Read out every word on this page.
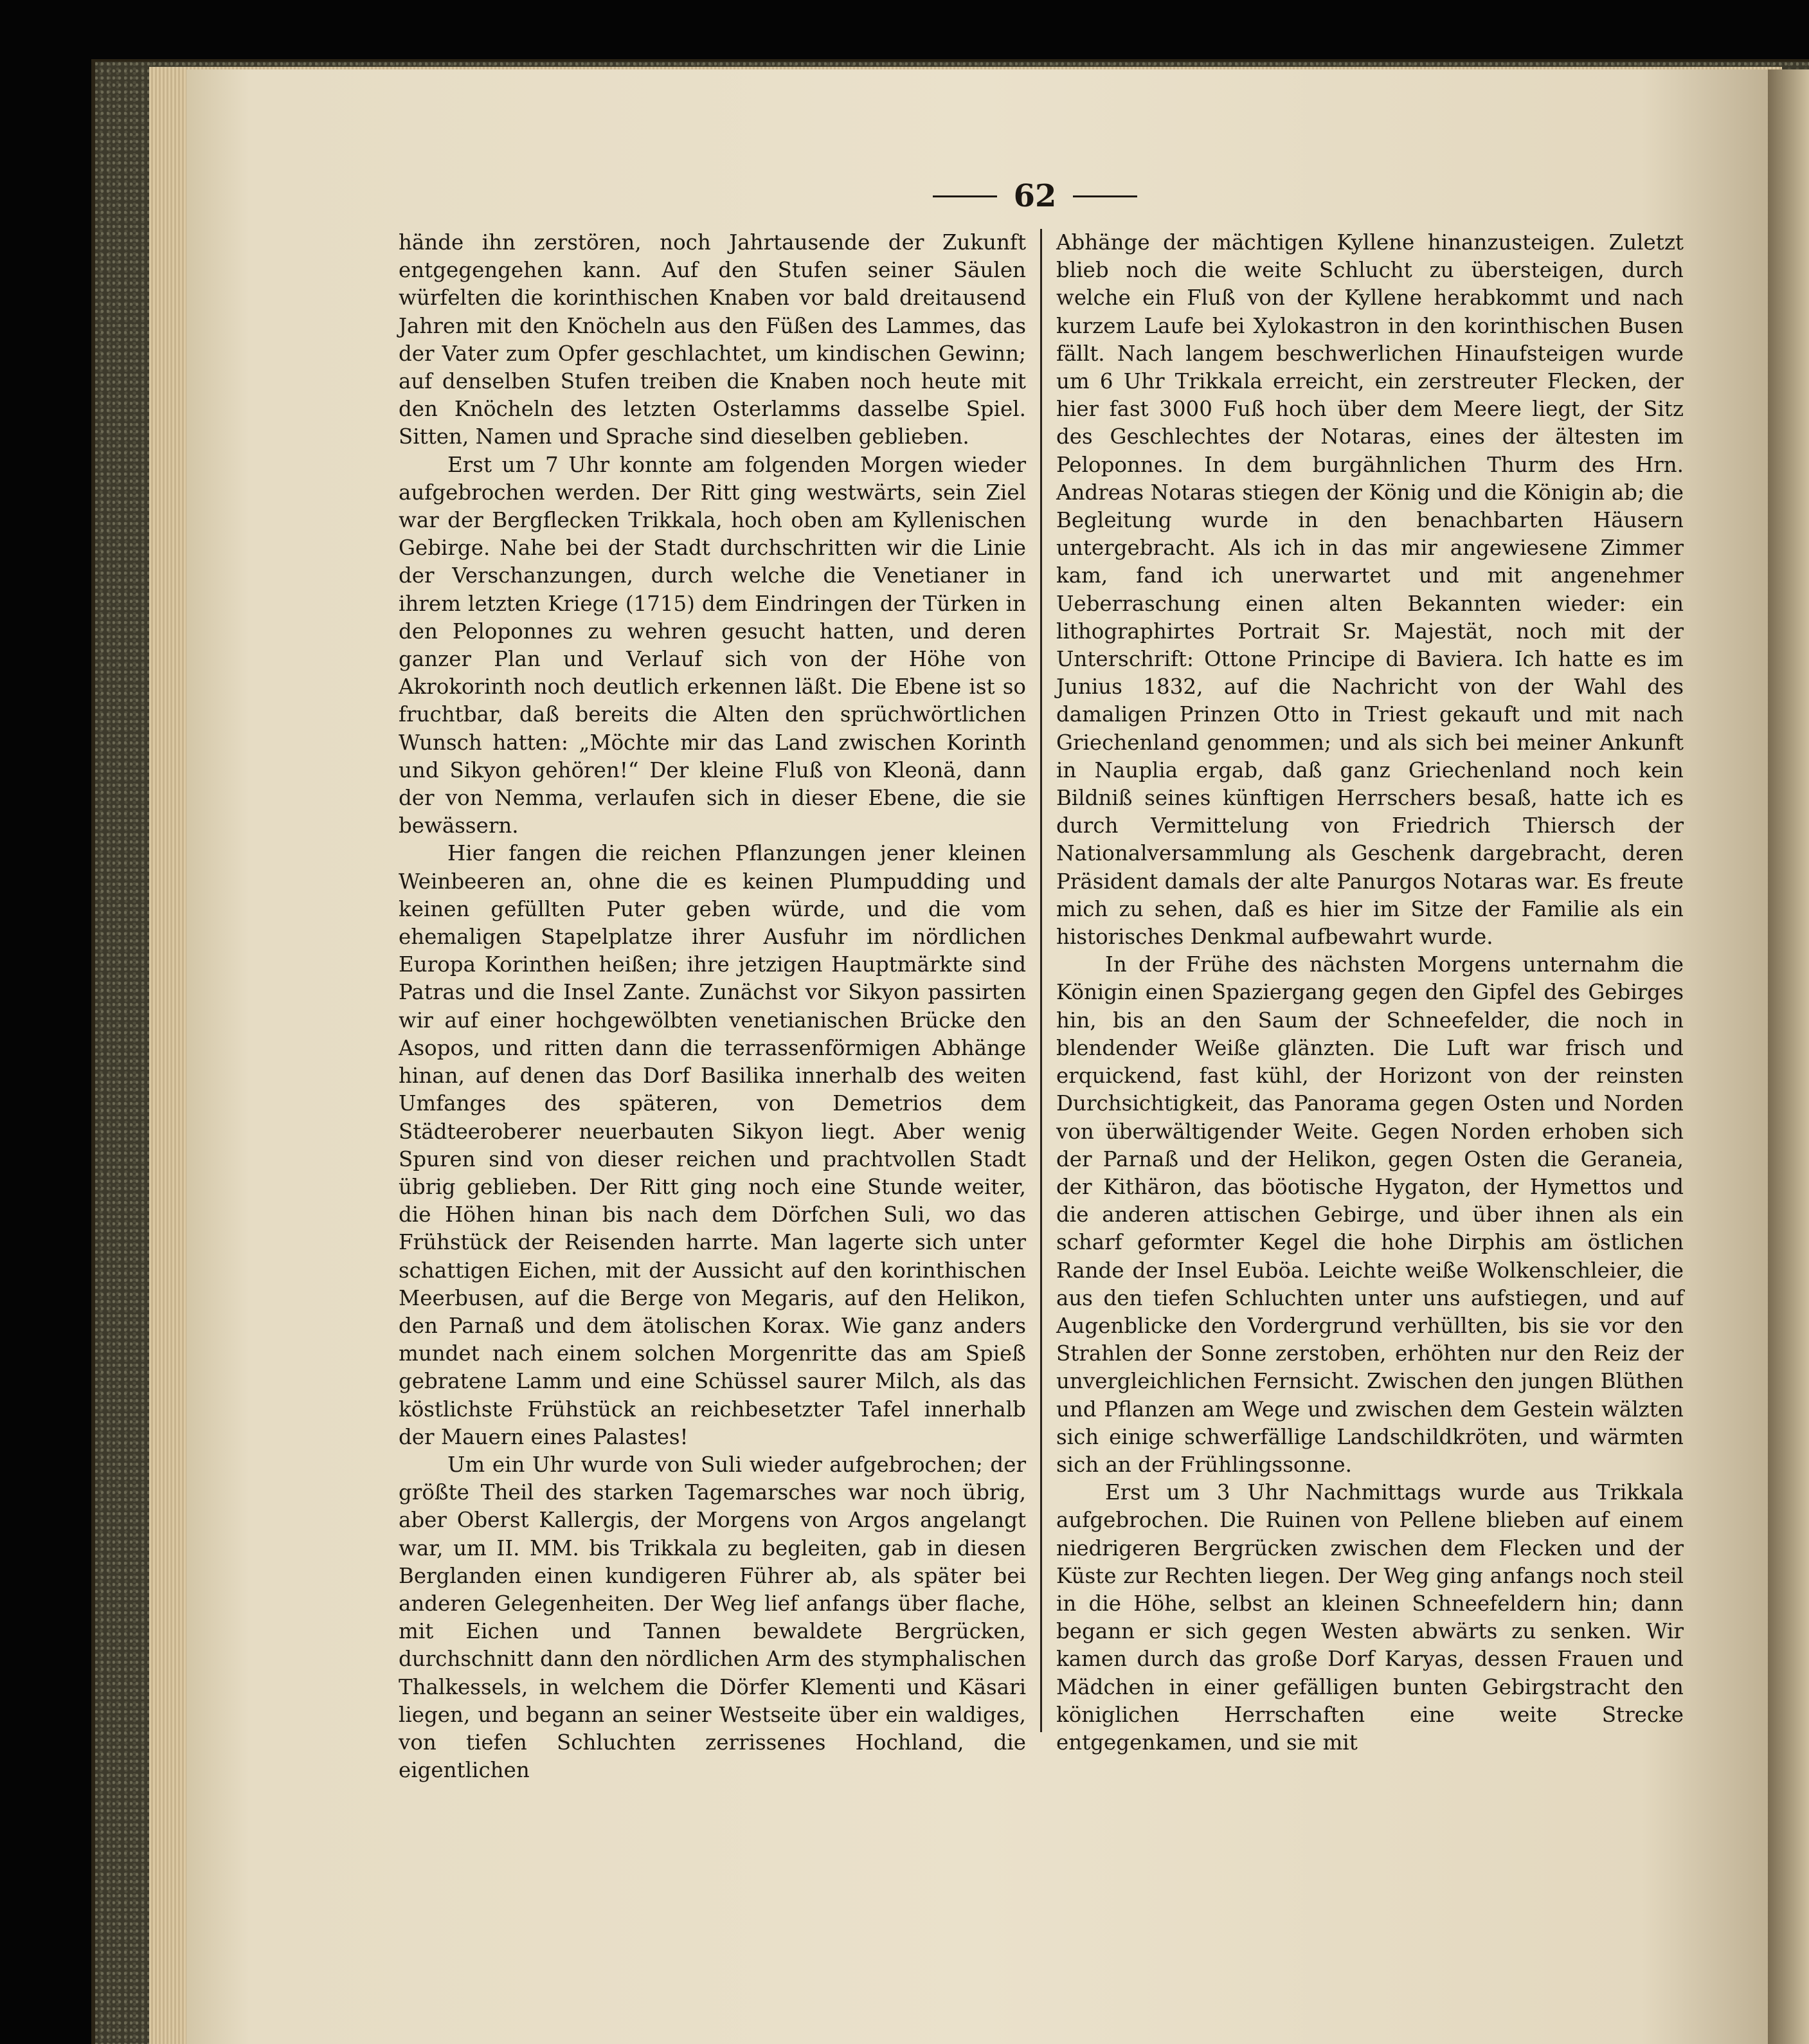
62

hände ihn zerstören, noch Jahrtausende der Zukunft entgegengehen kann. Auf den Stufen seiner Säulen würfelten die korinthischen Knaben vor bald dreitausend Jahren mit den Knöcheln aus den Füßen des Lammes, das der Vater zum Opfer geschlachtet, um kindischen Gewinn; auf denselben Stufen treiben die Knaben noch heute mit den Knöcheln des letzten Osterlamms dasselbe Spiel. Sitten, Namen und Sprache sind dieselben geblieben.

Erst um 7 Uhr konnte am folgenden Morgen wieder aufgebrochen werden. Der Ritt ging westwärts, sein Ziel war der Bergflecken Trikkala, hoch oben am Kyllenischen Gebirge. Nahe bei der Stadt durchschritten wir die Linie der Verschanzungen, durch welche die Venetianer in ihrem letzten Kriege (1715) dem Eindringen der Türken in den Peloponnes zu wehren gesucht hatten, und deren ganzer Plan und Verlauf sich von der Höhe von Akrokorinth noch deutlich erkennen läßt. Die Ebene ist so fruchtbar, daß bereits die Alten den sprüchwörtlichen Wunsch hatten: „Möchte mir das Land zwischen Korinth und Sikyon gehören!“ Der kleine Fluß von Kleonä, dann der von Nemma, verlaufen sich in dieser Ebene, die sie bewässern.

Hier fangen die reichen Pflanzungen jener kleinen Weinbeeren an, ohne die es keinen Plumpudding und keinen gefüllten Puter geben würde, und die vom ehemaligen Stapelplatze ihrer Ausfuhr im nördlichen Europa Korinthen heißen; ihre jetzigen Hauptmärkte sind Patras und die Insel Zante. Zunächst vor Sikyon passirten wir auf einer hochgewölbten venetianischen Brücke den Asopos, und ritten dann die terrassenförmigen Abhänge hinan, auf denen das Dorf Basilika innerhalb des weiten Umfanges des späteren, von Demetrios dem Städteeroberer neuerbauten Sikyon liegt. Aber wenig Spuren sind von dieser reichen und prachtvollen Stadt übrig geblieben. Der Ritt ging noch eine Stunde weiter, die Höhen hinan bis nach dem Dörfchen Suli, wo das Frühstück der Reisenden harrte. Man lagerte sich unter schattigen Eichen, mit der Aussicht auf den korinthischen Meerbusen, auf die Berge von Megaris, auf den Helikon, den Parnaß und dem ätolischen Korax. Wie ganz anders mundet nach einem solchen Morgenritte das am Spieß gebratene Lamm und eine Schüssel saurer Milch, als das köstlichste Frühstück an reichbesetzter Tafel innerhalb der Mauern eines Palastes!

Um ein Uhr wurde von Suli wieder aufgebrochen; der größte Theil des starken Tagemarsches war noch übrig, aber Oberst Kallergis, der Morgens von Argos angelangt war, um II. MM. bis Trikkala zu begleiten, gab in diesen Berglanden einen kundigeren Führer ab, als später bei anderen Gelegenheiten. Der Weg lief anfangs über flache, mit Eichen und Tannen bewaldete Bergrücken, durchschnitt dann den nördlichen Arm des stymphalischen Thalkessels, in welchem die Dörfer Klementi und Käsari liegen, und begann an seiner Westseite über ein waldiges, von tiefen Schluchten zerrissenes Hochland, die eigentlichen

Abhänge der mächtigen Kyllene hinanzusteigen. Zuletzt blieb noch die weite Schlucht zu übersteigen, durch welche ein Fluß von der Kyllene herabkommt und nach kurzem Laufe bei Xylokastron in den korinthischen Busen fällt. Nach langem beschwerlichen Hinaufsteigen wurde um 6 Uhr Trikkala erreicht, ein zerstreuter Flecken, der hier fast 3000 Fuß hoch über dem Meere liegt, der Sitz des Geschlechtes der Notaras, eines der ältesten im Peloponnes. In dem burgähnlichen Thurm des Hrn. Andreas Notaras stiegen der König und die Königin ab; die Begleitung wurde in den benachbarten Häusern untergebracht. Als ich in das mir angewiesene Zimmer kam, fand ich unerwartet und mit angenehmer Ueberraschung einen alten Bekannten wieder: ein lithographirtes Portrait Sr. Majestät, noch mit der Unterschrift: Ottone Principe di Baviera. Ich hatte es im Junius 1832, auf die Nachricht von der Wahl des damaligen Prinzen Otto in Triest gekauft und mit nach Griechenland genommen; und als sich bei meiner Ankunft in Nauplia ergab, daß ganz Griechenland noch kein Bildniß seines künftigen Herrschers besaß, hatte ich es durch Vermittelung von Friedrich Thiersch der Nationalversammlung als Geschenk dargebracht, deren Präsident damals der alte Panurgos Notaras war. Es freute mich zu sehen, daß es hier im Sitze der Familie als ein historisches Denkmal aufbewahrt wurde.

In der Frühe des nächsten Morgens unternahm die Königin einen Spaziergang gegen den Gipfel des Gebirges hin, bis an den Saum der Schneefelder, die noch in blendender Weiße glänzten. Die Luft war frisch und erquickend, fast kühl, der Horizont von der reinsten Durchsichtigkeit, das Panorama gegen Osten und Norden von überwältigender Weite. Gegen Norden erhoben sich der Parnaß und der Helikon, gegen Osten die Geraneia, der Kithäron, das böotische Hygaton, der Hymettos und die anderen attischen Gebirge, und über ihnen als ein scharf geformter Kegel die hohe Dirphis am östlichen Rande der Insel Euböa. Leichte weiße Wolkenschleier, die aus den tiefen Schluchten unter uns aufstiegen, und auf Augenblicke den Vordergrund verhüllten, bis sie vor den Strahlen der Sonne zerstoben, erhöhten nur den Reiz der unvergleichlichen Fernsicht. Zwischen den jungen Blüthen und Pflanzen am Wege und zwischen dem Gestein wälzten sich einige schwerfällige Landschildkröten, und wärmten sich an der Frühlingssonne.

Erst um 3 Uhr Nachmittags wurde aus Trikkala aufgebrochen. Die Ruinen von Pellene blieben auf einem niedrigeren Bergrücken zwischen dem Flecken und der Küste zur Rechten liegen. Der Weg ging anfangs noch steil in die Höhe, selbst an kleinen Schneefeldern hin; dann begann er sich gegen Westen abwärts zu senken. Wir kamen durch das große Dorf Karyas, dessen Frauen und Mädchen in einer gefälligen bunten Gebirgstracht den königlichen Herrschaften eine weite Strecke entgegenkamen, und sie mit
